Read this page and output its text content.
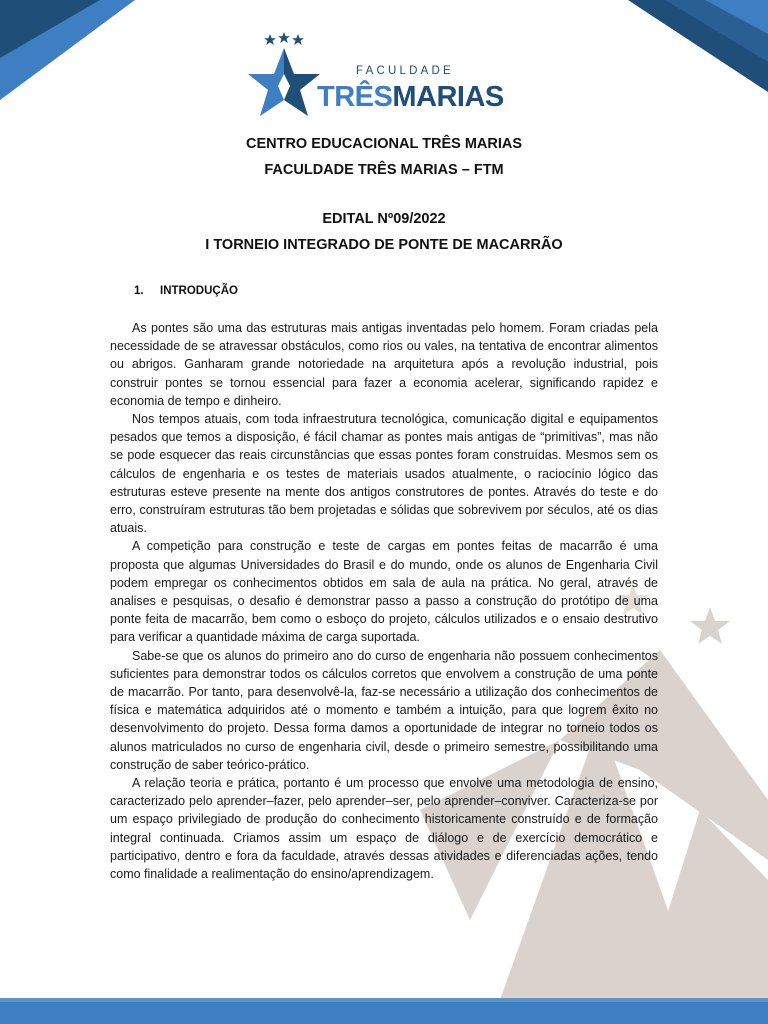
FACULDADE
TRÊSMARIAS
CENTRO EDUCACIONAL TRÊS MARIAS
FACULDADE TRÊS MARIAS – FTM
EDITAL Nº09/2022
I TORNEIO INTEGRADO DE PONTE DE MACARRÃO
1. INTRODUÇÃO

As pontes são uma das estruturas mais antigas inventadas pelo homem. Foram criadas pela necessidade de se atravessar obstáculos, como rios ou vales, na tentativa de encontrar alimentos ou abrigos. Ganharam grande notoriedade na arquitetura após a revolução industrial, pois construir pontes se tornou essencial para fazer a economia acelerar, significando rapidez e economia de tempo e dinheiro.

Nos tempos atuais, com toda infraestrutura tecnológica, comunicação digital e equipamentos pesados que temos a disposição, é fácil chamar as pontes mais antigas de “primitivas”, mas não se pode esquecer das reais circunstâncias que essas pontes foram construídas. Mesmos sem os cálculos de engenharia e os testes de materiais usados atualmente, o raciocínio lógico das estruturas esteve presente na mente dos antigos construtores de pontes. Através do teste e do erro, construíram estruturas tão bem projetadas e sólidas que sobrevivem por séculos, até os dias atuais.

A competição para construção e teste de cargas em pontes feitas de macarrão é uma proposta que algumas Universidades do Brasil e do mundo, onde os alunos de Engenharia Civil podem empregar os conhecimentos obtidos em sala de aula na prática. No geral, através de analises e pesquisas, o desafio é demonstrar passo a passo a construção do protótipo de uma ponte feita de macarrão, bem como o esboço do projeto, cálculos utilizados e o ensaio destrutivo para verificar a quantidade máxima de carga suportada.

Sabe-se que os alunos do primeiro ano do curso de engenharia não possuem conhecimentos suficientes para demonstrar todos os cálculos corretos que envolvem a construção de uma ponte de macarrão. Por tanto, para desenvolvê-la, faz-se necessário a utilização dos conhecimentos de física e matemática adquiridos até o momento e também a intuição, para que logrem êxito no desenvolvimento do projeto. Dessa forma damos a oportunidade de integrar no torneio todos os alunos matriculados no curso de engenharia civil, desde o primeiro semestre, possibilitando uma construção de saber teórico-prático.

A relação teoria e prática, portanto é um processo que envolve uma metodologia de ensino, caracterizado pelo aprender–fazer, pelo aprender–ser, pelo aprender–conviver. Caracteriza-se por um espaço privilegiado de produção do conhecimento historicamente construído e de formação integral continuada. Criamos assim um espaço de diálogo e de exercício democrático e participativo, dentro e fora da faculdade, através dessas atividades e diferenciadas ações, tendo como finalidade a realimentação do ensino/aprendizagem.
